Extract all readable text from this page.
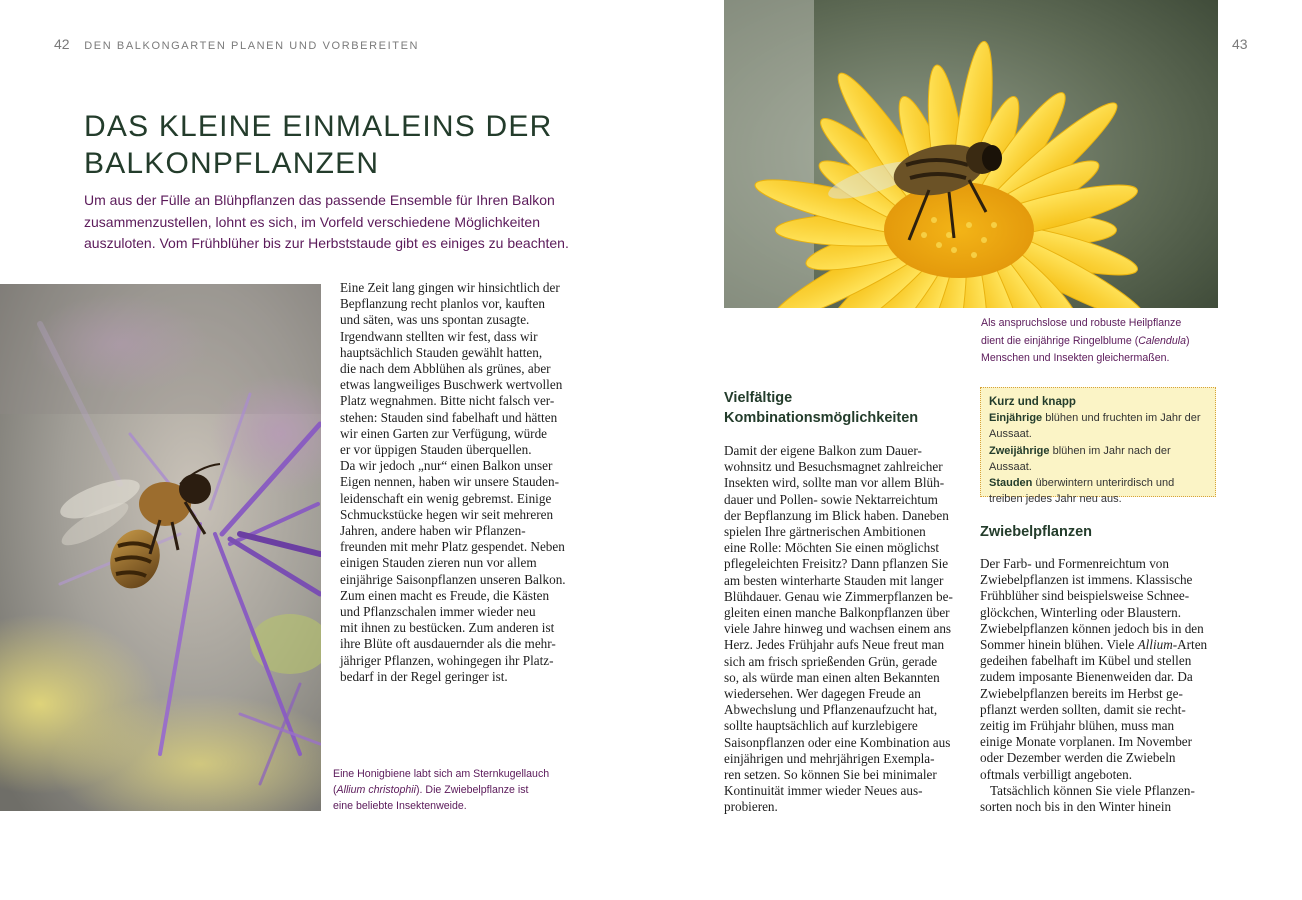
42 DEN BALKONGARTEN PLANEN UND VORBEREITEN	43
DAS KLEINE EINMALEINS DER
BALKONPFLANZEN
Um aus der Fülle an Blühpflanzen das passende Ensemble für Ihren Balkon zusammenzustellen, lohnt es sich, im Vorfeld verschiedene Möglichkeiten auszuloten. Vom Frühblüher bis zur Herbststaude gibt es einiges zu beachten.
Eine Zeit lang gingen wir hinsichtlich der
Bepflanzung recht planlos vor, kauften
und säten, was uns spontan zusagte.
Irgendwann stellten wir fest, dass wir
hauptsächlich Stauden gewählt hatten,
die nach dem Abblühen als grünes, aber
etwas langweiliges Buschwerk wertvollen
Platz wegnahmen. Bitte nicht falsch ver-
stehen: Stauden sind fabelhaft und hätten
wir einen Garten zur Verfügung, würde
er vor üppigen Stauden überquellen.
Da wir jedoch „nur“ einen Balkon unser
Eigen nennen, haben wir unsere Stauden-
leidenschaft ein wenig gebremst. Einige
Schmuckstücke hegen wir seit mehreren
Jahren, andere haben wir Pflanzen-
freunden mit mehr Platz gespendet. Neben
einigen Stauden zieren nun vor allem
einjährige Saisonpflanzen unseren Balkon.
Zum einen macht es Freude, die Kästen
und Pflanzschalen immer wieder neu
mit ihnen zu bestücken. Zum anderen ist
ihre Blüte oft ausdauernder als die mehr-
jähriger Pflanzen, wohingegen ihr Platz-
bedarf in der Regel geringer ist.
Eine Honigbiene labt sich am Sternkugellauch
(Allium christophii). Die Zwiebelpflanze ist
eine beliebte Insektenweide.
Als anspruchslose und robuste Heilpflanze
dient die einjährige Ringelblume (Calendula)
Menschen und Insekten gleichermaßen.
Vielfältige
Kombinationsmöglichkeiten
Damit der eigene Balkon zum Dauer-
wohnsitz und Besuchsmagnet zahlreicher
Insekten wird, sollte man vor allem Blüh-
dauer und Pollen- sowie Nektarreichtum
der Bepflanzung im Blick haben. Daneben
spielen Ihre gärtnerischen Ambitionen
eine Rolle: Möchten Sie einen möglichst
pflegeleichten Freisitz? Dann pflanzen Sie
am besten winterharte Stauden mit langer
Blühdauer. Genau wie Zimmerpflanzen be-
gleiten einen manche Balkonpflanzen über
viele Jahre hinweg und wachsen einem ans
Herz. Jedes Frühjahr aufs Neue freut man
sich am frisch sprießenden Grün, gerade
so, als würde man einen alten Bekannten
wiedersehen. Wer dagegen Freude an
Abwechslung und Pflanzenaufzucht hat,
sollte hauptsächlich auf kurzlebigere
Saisonpflanzen oder eine Kombination aus
einjährigen und mehrjährigen Exempla-
ren setzen. So können Sie bei minimaler
Kontinuität immer wieder Neues aus-
probieren.
Kurz und knapp
Einjährige blühen und fruchten im Jahr der
Aussaat.
Zweijährige blühen im Jahr nach der Aussaat.
Stauden überwintern unterirdisch und
treiben jedes Jahr neu aus.
Zwiebelpflanzen
Der Farb- und Formenreichtum von
Zwiebelpflanzen ist immens. Klassische
Frühblüher sind beispielsweise Schnee-
glöckchen, Winterling oder Blaustern.
Zwiebelpflanzen können jedoch bis in den
Sommer hinein blühen. Viele Allium-Arten
gedeihen fabelhaft im Kübel und stellen
zudem imposante Bienenweiden dar. Da
Zwiebelpflanzen bereits im Herbst ge-
pflanzt werden sollten, damit sie recht-
zeitig im Frühjahr blühen, muss man
einige Monate vorplanen. Im November
oder Dezember werden die Zwiebeln
oftmals verbilligt angeboten.
Tatsächlich können Sie viele Pflanzen-
sorten noch bis in den Winter hinein
